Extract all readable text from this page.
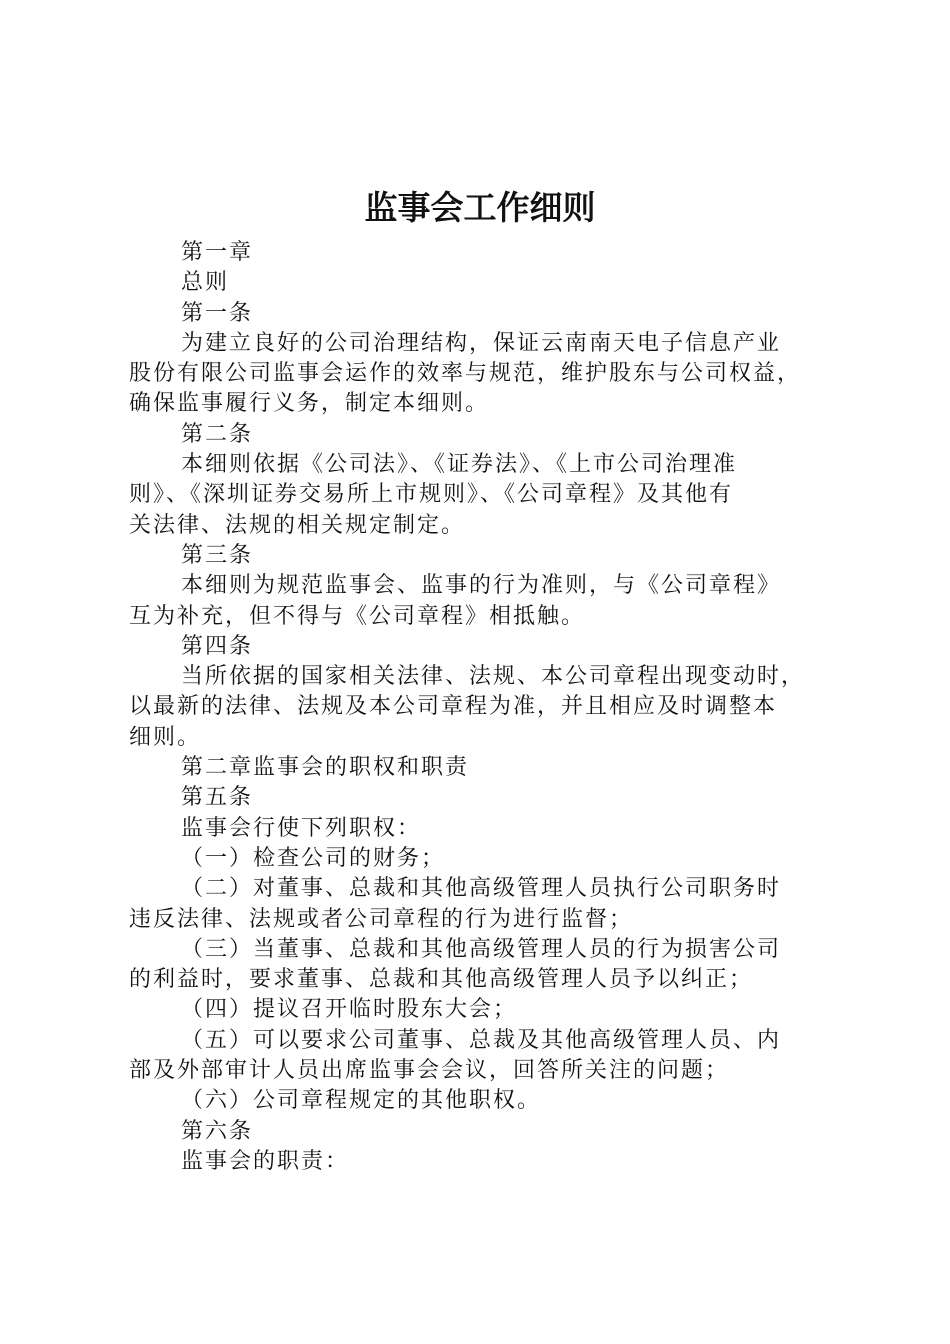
监事会工作细则

第一章

总则

第一条

为建立良好的公司治理结构，保证云南南天电子信息产业

股份有限公司监事会运作的效率与规范，维护股东与公司权益，

确保监事履行义务，制定本细则。

第二条

本细则依据《公司法》、《证券法》、《上市公司治理准

则》、《深圳证券交易所上市规则》、《公司章程》及其他有

关法律、法规的相关规定制定。

第三条

本细则为规范监事会、监事的行为准则，与《公司章程》

互为补充，但不得与《公司章程》相抵触。

第四条

当所依据的国家相关法律、法规、本公司章程出现变动时，

以最新的法律、法规及本公司章程为准，并且相应及时调整本

细则。

第二章监事会的职权和职责

第五条

监事会行使下列职权：

（一）检查公司的财务；

（二）对董事、总裁和其他高级管理人员执行公司职务时

违反法律、法规或者公司章程的行为进行监督；

（三）当董事、总裁和其他高级管理人员的行为损害公司

的利益时，要求董事、总裁和其他高级管理人员予以纠正；

（四）提议召开临时股东大会；

（五）可以要求公司董事、总裁及其他高级管理人员、内

部及外部审计人员出席监事会会议，回答所关注的问题；

（六）公司章程规定的其他职权。

第六条

监事会的职责：
